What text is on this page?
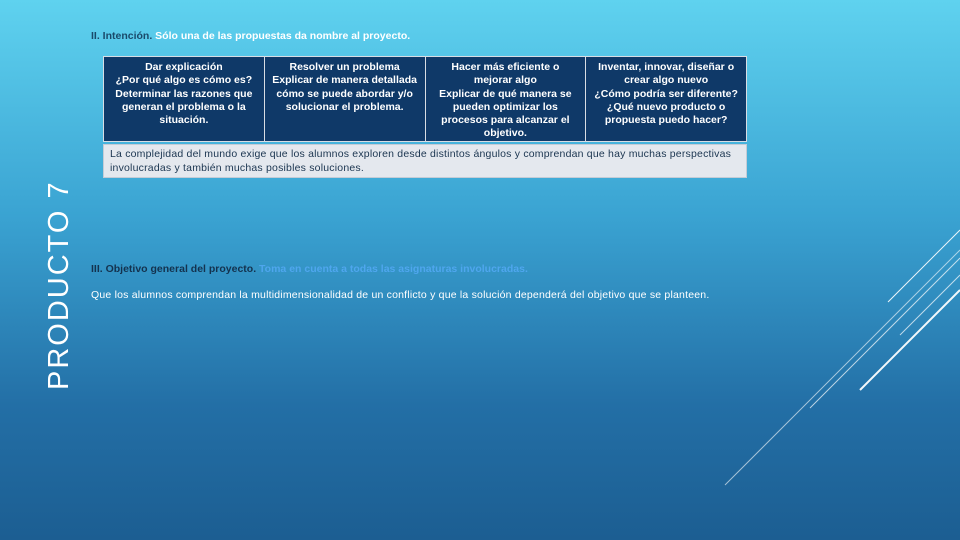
PRODUCTO 7
II. Intención. Sólo una de las propuestas da nombre al proyecto.
Dar explicación
¿Por qué algo es cómo es?
Determinar las razones que generan el problema o la situación.
Resolver un problema
Explicar de manera detallada cómo se puede abordar y/o solucionar el problema.
Hacer más eficiente o mejorar algo
Explicar de qué manera se pueden optimizar los procesos para alcanzar el objetivo.
Inventar, innovar, diseñar o crear algo nuevo
¿Cómo podría ser diferente?
¿Qué nuevo producto o propuesta puedo hacer?
La complejidad del mundo exige que los alumnos exploren desde distintos ángulos y comprendan que hay muchas perspectivas involucradas y también muchas posibles soluciones.
III. Objetivo general del proyecto. Toma en cuenta a todas las asignaturas involucradas.
Que los alumnos comprendan la multidimensionalidad de un conflicto y que la solución dependerá del objetivo que se planteen.
